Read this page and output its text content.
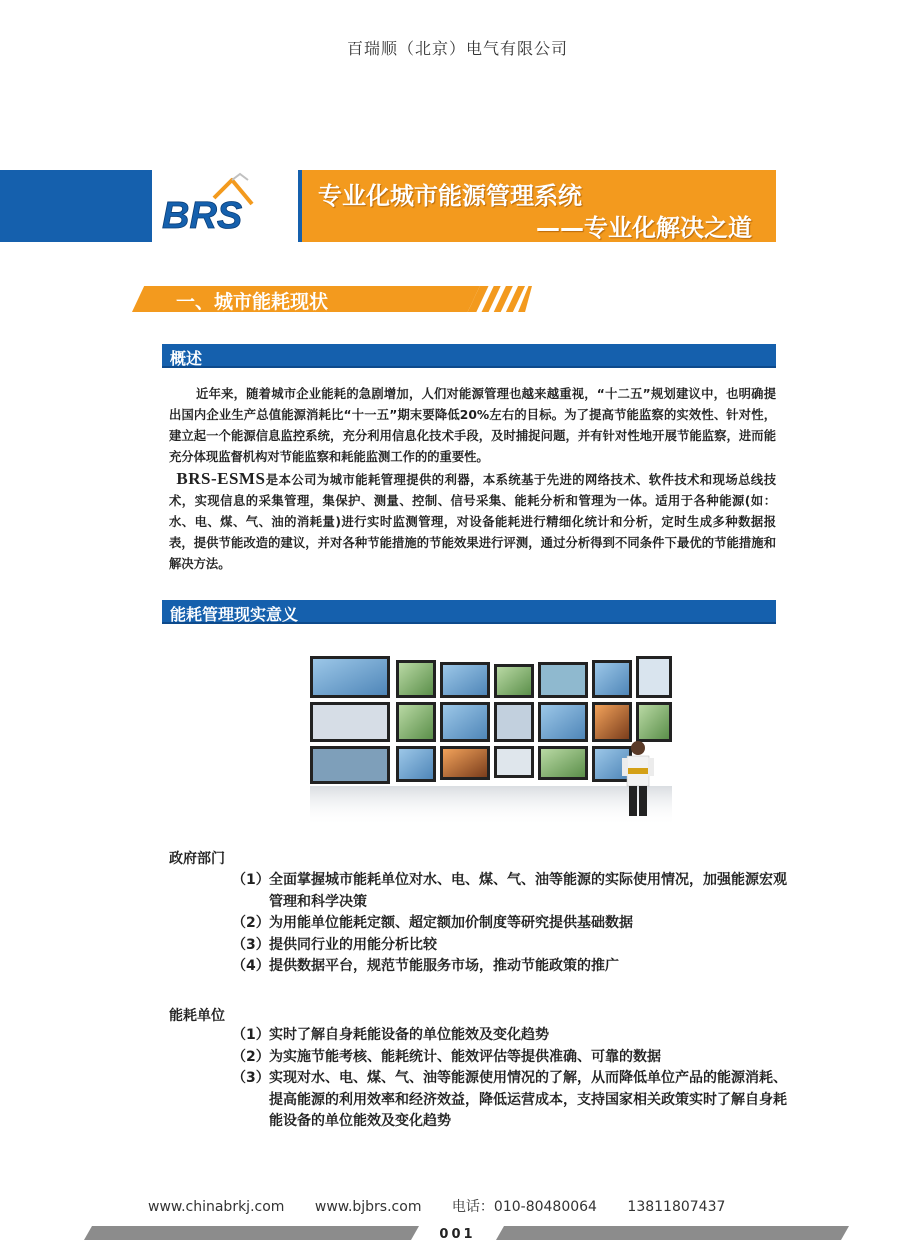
百瑞顺（北京）电气有限公司
BRS	专业化城市能源管理系统
——专业化解决之道
一、城市能耗现状
概述

近年来，随着城市企业能耗的急剧增加，人们对能源管理也越来越重视，“十二五”规划建议中，也明确提出国内企业生产总值能源消耗比“十一五”期末要降低20%左右的目标。为了提高节能监察的实效性、针对性，建立起一个能源信息监控系统，充分利用信息化技术手段，及时捕捉问题，并有针对性地开展节能监察，进而能充分体现监督机构对节能监察和耗能监测工作的的重要性。

BRS-ESMS是本公司为城市能耗管理提供的利器，本系统基于先进的网络技术、软件技术和现场总线技术，实现信息的采集管理，集保护、测量、控制、信号采集、能耗分析和管理为一体。适用于各种能源(如：水、电、煤、气、油的消耗量)进行实时监测管理，对设备能耗进行精细化统计和分析，定时生成多种数据报表，提供节能改造的建议，并对各种节能措施的节能效果进行评测，通过分析得到不同条件下最优的节能措施和解决方法。

能耗管理现实意义
政府部门
（1） 全面掌握城市能耗单位对水、电、煤、气、油等能源的实际使用情况，加强能源宏观管理和科学决策
（2） 为用能单位能耗定额、超定额加价制度等研究提供基础数据
（3） 提供同行业的用能分析比较
（4） 提供数据平台，规范节能服务市场，推动节能政策的推广
能耗单位
（1） 实时了解自身耗能设备的单位能效及变化趋势
（2） 为实施节能考核、能耗统计、能效评估等提供准确、可靠的数据
（3） 实现对水、电、煤、气、油等能源使用情况的了解，从而降低单位产品的能源消耗、提高能源的利用效率和经济效益，降低运营成本，支持国家相关政策实时了解自身耗能设备的单位能效及变化趋势
www.chinabrkj.com www.bjbrs.com 电话：010-80480064 13811807437
001
